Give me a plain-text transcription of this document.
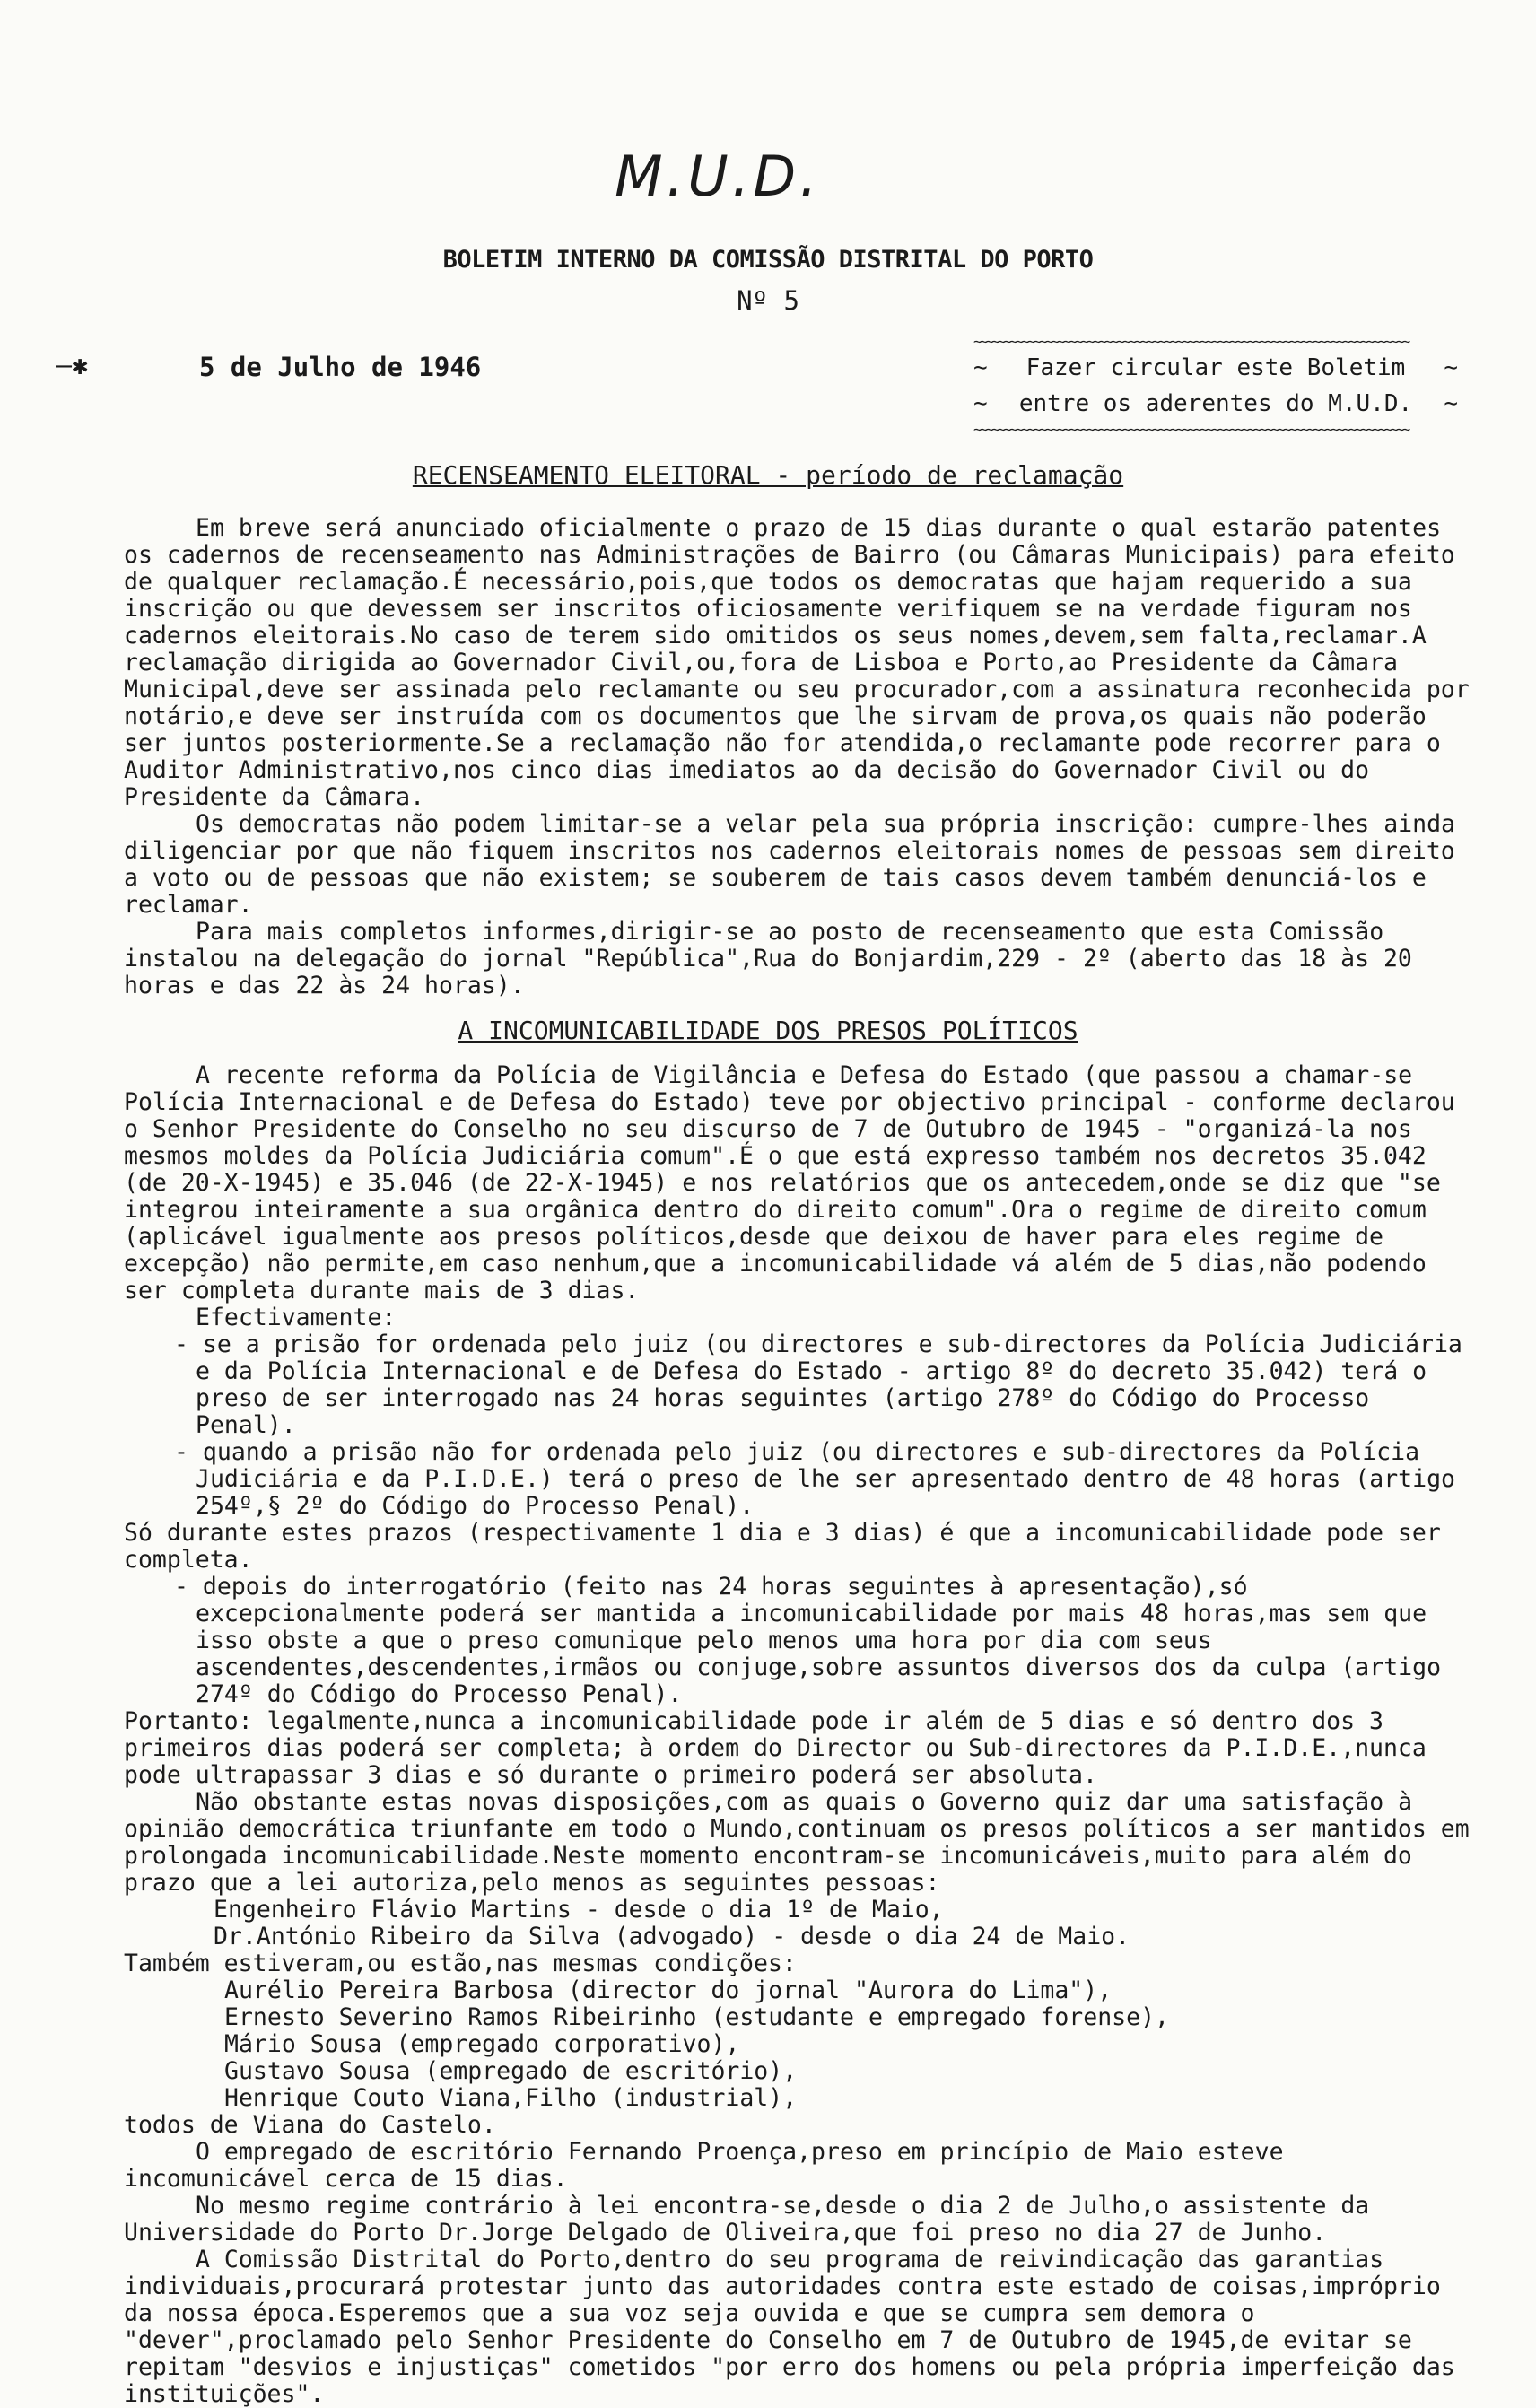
M.U.D.
BOLETIM INTERNO DA COMISSÃO DISTRITAL DO PORTO
Nº 5
—✱	5 de Julho de 1946
∼∼∼∼∼∼∼∼∼∼∼∼∼∼∼∼∼∼∼∼∼∼∼∼∼∼∼∼∼∼∼∼∼∼∼∼∼∼∼∼∼∼∼∼∼∼∼∼∼∼∼∼∼∼∼∼∼∼∼∼∼∼∼∼∼∼∼∼∼∼∼∼∼
∼ Fazer circular este Boletim ∼
∼ entre os aderentes do M.U.D. ∼
∼∼∼∼∼∼∼∼∼∼∼∼∼∼∼∼∼∼∼∼∼∼∼∼∼∼∼∼∼∼∼∼∼∼∼∼∼∼∼∼∼∼∼∼∼∼∼∼∼∼∼∼∼∼∼∼∼∼∼∼∼∼∼∼∼∼∼∼∼∼∼∼∼
RECENSEAMENTO ELEITORAL - período de reclamação

Em breve será anunciado oficialmente o prazo de 15 dias durante o qual estarão patentes os cadernos de recenseamento nas Administrações de Bairro (ou Câmaras Municipais) para efeito de qualquer reclamação.É necessário,pois,que todos os democratas que hajam requerido a sua inscrição ou que devessem ser inscritos oficiosamente verifiquem se na verdade figuram nos cadernos eleitorais.No caso de terem sido omitidos os seus nomes,devem,sem falta,reclamar.A reclamação dirigida ao Governador Civil,ou,fora de Lisboa e Porto,ao Presidente da Câmara Municipal,deve ser assinada pelo reclamante ou seu procurador,com a assinatura reconhecida por notário,e deve ser instruída com os documentos que lhe sirvam de prova,os quais não poderão ser juntos posteriormente.Se a reclamação não for atendida,o reclamante pode recorrer para o Auditor Administrativo,nos cinco dias imediatos ao da decisão do Governador Civil ou do Presidente da Câmara.

Os democratas não podem limitar-se a velar pela sua própria inscrição: cumpre-lhes ainda diligenciar por que não fiquem inscritos nos cadernos eleitorais nomes de pessoas sem direito a voto ou de pessoas que não existem; se souberem de tais casos devem também denunciá-los e reclamar.

Para mais completos informes,dirigir-se ao posto de recenseamento que esta Comissão instalou na delegação do jornal "República",Rua do Bonjardim,229 - 2º (aberto das 18 às 20 horas e das 22 às 24 horas).

A INCOMUNICABILIDADE DOS PRESOS POLÍTICOS

A recente reforma da Polícia de Vigilância e Defesa do Estado (que passou a chamar-se Polícia Internacional e de Defesa do Estado) teve por objectivo principal - conforme declarou o Senhor Presidente do Conselho no seu discurso de 7 de Outubro de 1945 - "organizá-la nos mesmos moldes da Polícia Judiciária comum".É o que está expresso também nos decretos 35.042 (de 20-X-1945) e 35.046 (de 22-X-1945) e nos relatórios que os antecedem,onde se diz que "se integrou inteiramente a sua orgânica dentro do direito comum".Ora o regime de direito comum (aplicável igualmente aos presos políticos,desde que deixou de haver para eles regime de excepção) não permite,em caso nenhum,que a incomunicabilidade vá além de 5 dias,não podendo ser completa durante mais de 3 dias.

Efectivamente:

- se a prisão for ordenada pelo juiz (ou directores e sub-directores da Polícia Judiciária e da Polícia Internacional e de Defesa do Estado - artigo 8º do decreto 35.042) terá o preso de ser interrogado nas 24 horas seguintes (artigo 278º do Código do Processo Penal).

- quando a prisão não for ordenada pelo juiz (ou directores e sub-directores da Polícia Judiciária e da P.I.D.E.) terá o preso de lhe ser apresentado dentro de 48 horas (artigo 254º,§ 2º do Código do Processo Penal).

Só durante estes prazos (respectivamente 1 dia e 3 dias) é que a incomunicabilidade pode ser completa.

- depois do interrogatório (feito nas 24 horas seguintes à apresentação),só excepcionalmente poderá ser mantida a incomunicabilidade por mais 48 horas,mas sem que isso obste a que o preso comunique pelo menos uma hora por dia com seus ascendentes,descendentes,irmãos ou conjuge,sobre assuntos diversos dos da culpa (artigo 274º do Código do Processo Penal).

Portanto: legalmente,nunca a incomunicabilidade pode ir além de 5 dias e só dentro dos 3 primeiros dias poderá ser completa; à ordem do Director ou Sub-directores da P.I.D.E.,nunca pode ultrapassar 3 dias e só durante o primeiro poderá ser absoluta.

Não obstante estas novas disposições,com as quais o Governo quiz dar uma satisfação à opinião democrática triunfante em todo o Mundo,continuam os presos políticos a ser mantidos em prolongada incomunicabilidade.Neste momento encontram-se incomunicáveis,muito para além do prazo que a lei autoriza,pelo menos as seguintes pessoas:

Engenheiro Flávio Martins - desde o dia 1º de Maio,

Dr.António Ribeiro da Silva (advogado) - desde o dia 24 de Maio.

Também estiveram,ou estão,nas mesmas condições:

Aurélio Pereira Barbosa (director do jornal "Aurora do Lima"),

Ernesto Severino Ramos Ribeirinho (estudante e empregado forense),

Mário Sousa (empregado corporativo),

Gustavo Sousa (empregado de escritório),

Henrique Couto Viana,Filho (industrial),

todos de Viana do Castelo.

O empregado de escritório Fernando Proença,preso em princípio de Maio esteve incomunicável cerca de 15 dias.

No mesmo regime contrário à lei encontra-se,desde o dia 2 de Julho,o assistente da Universidade do Porto Dr.Jorge Delgado de Oliveira,que foi preso no dia 27 de Junho.

A Comissão Distrital do Porto,dentro do seu programa de reivindicação das garantias individuais,procurará protestar junto das autoridades contra este estado de coisas,impróprio da nossa época.Esperemos que a sua voz seja ouvida e que se cumpra sem demora o "dever",proclamado pelo Senhor Presidente do Conselho em 7 de Outubro de 1945,de evitar se repitam "desvios e injustiças" cometidos "por erro dos homens ou pela própria imperfeição das instituições".
